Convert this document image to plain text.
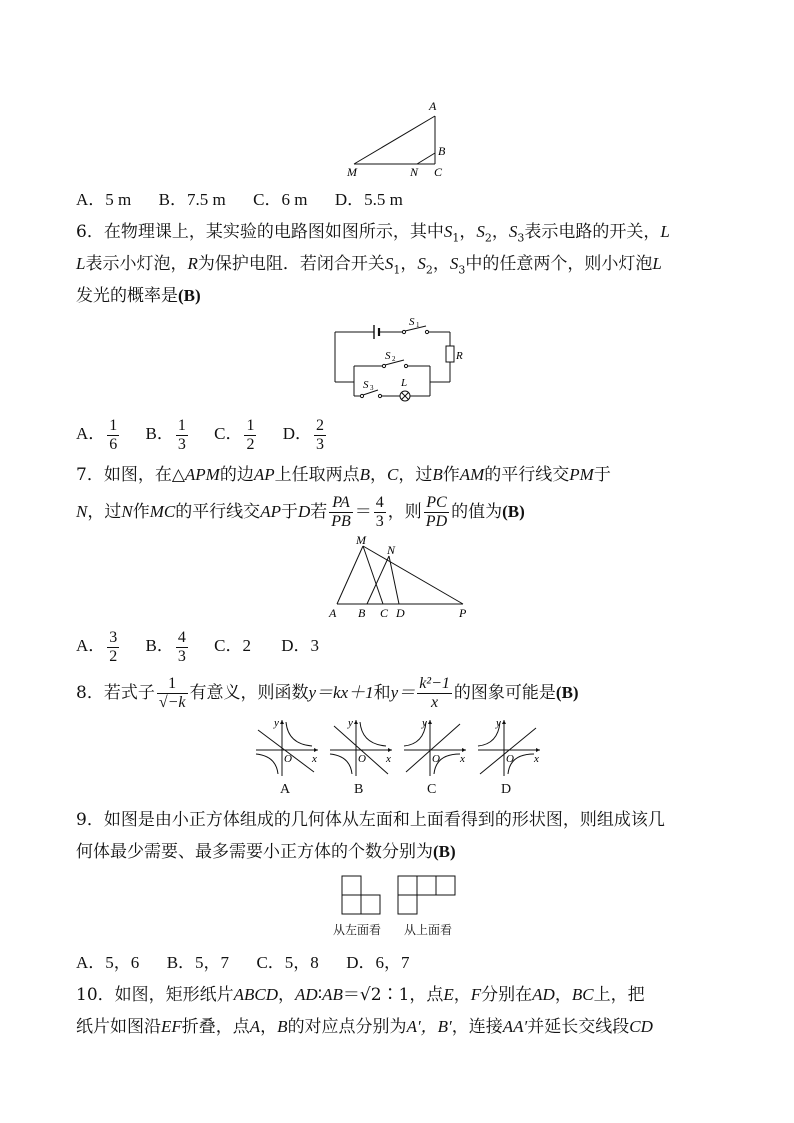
A
B
M	N C
A．5 m B．7.5 m C．6 m D．5.5 m
6．在物理课上，某实验的电路图如图所示，其中$S_1$，$S_2$，$S_3$表示电路的开关，L
L表示小灯泡，R为保护电阻．若闭合开关$S_1$，$S_2$，$S_3$中的任意两个，则小灯泡L
发光的概率是(B)
S 1
R
S 2
S 3	L
A． $\frac{1}{6}$ B． $\frac{1}{3}$ C． $\frac{1}{2}$ D． $\frac{2}{3}$
7．如图，在△APM的边AP上任取两点B，C，过B作AM的平行线交PM于
N，过N作MC的平行线交AP于D若 $\frac{PA}{PB} = \frac{4}{3}$ ，则 $\frac{PC}{PD}$ 的值为(B)
M
N
A B C D	P
A． $\frac{3}{2}$ B． $\frac{4}{3}$ C．2 D．3
8．若式子 $\frac{1}{√-k}$ 有意义，则函数y＝kx＋1和$y= \frac{\text{k²−1}}{x}$ 的图象可能是(B)
y
x
O
y
x
O
y
x
O
y
x
O
A	B	C	D
9．如图是由小正方体组成的几何体从左面和上面看得到的形状图，则组成该几
何体最少需要、最多需要小正方体的个数分别为(B)
从左面看 从上面看
A．5，6 B．5，7 C．5，8 D．6，7
10．如图，矩形纸片ABCD，AD∶AB＝√2∶1，点E，F分别在AD，BC上，把
纸片如图沿EF折叠，点A，B的对应点分别为A′，B′，连接AA′并延长交线段CD
